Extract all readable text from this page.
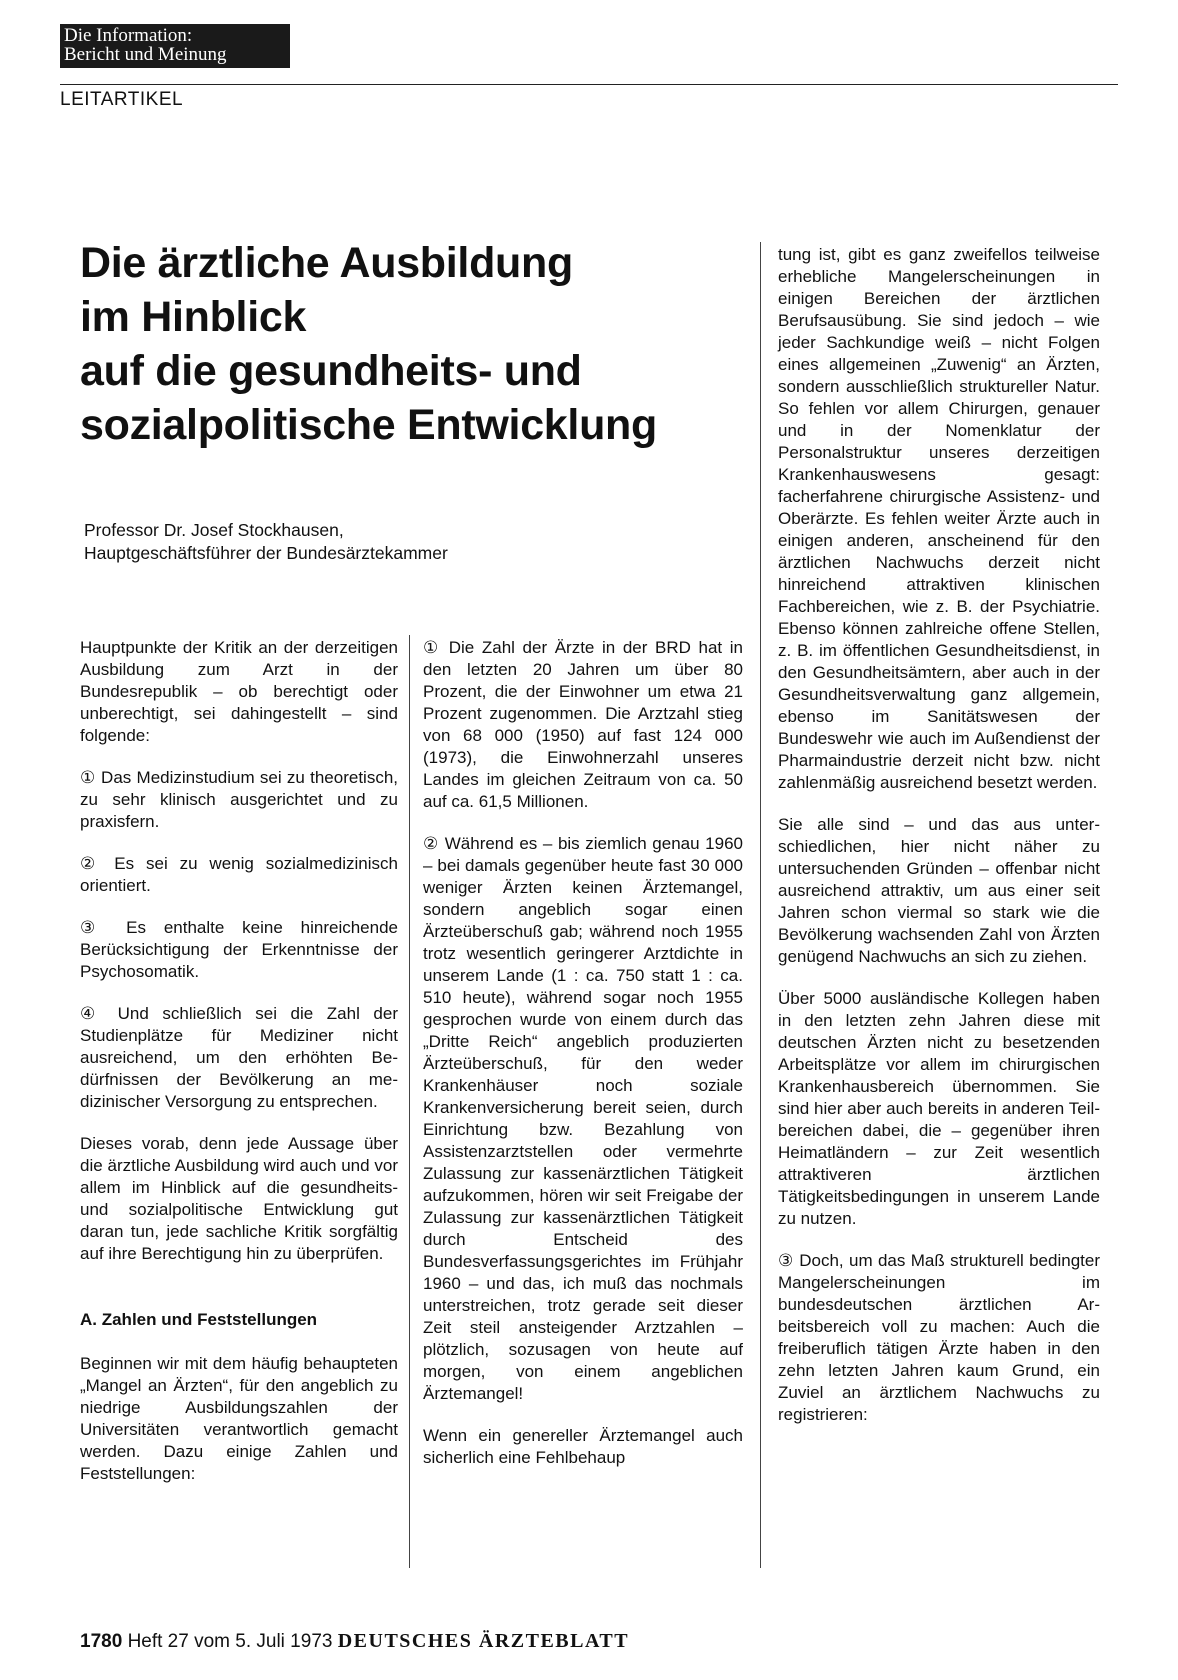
Die Information:
Bericht und Meinung
LEITARTIKEL
Die ärztliche Ausbildung
im Hinblick
auf die gesundheits- und
sozialpolitische Entwicklung
Professor Dr. Josef Stockhausen,
Hauptgeschäftsführer der Bundesärztekammer

Hauptpunkte der Kritik an der derzeitigen Ausbildung zum Arzt in der Bundesrepublik – ob berechtigt oder unberechtigt, sei dahingestellt – sind folgende:

① Das Medizinstudium sei zu theoretisch, zu sehr klinisch ausgerichtet und zu praxisfern.

② Es sei zu wenig sozialmedizinisch orientiert.

③ Es enthalte keine hinreichende Berücksichtigung der Erkenntnisse der Psychosomatik.

④ Und schließlich sei die Zahl der Studienplätze für Mediziner nicht ausreichend, um den erhöhten Bedürfnissen der Bevölkerung an medizinischer Versorgung zu entsprechen.

Dieses vorab, denn jede Aussage über die ärztliche Ausbildung wird auch und vor allem im Hinblick auf die gesundheits- und sozialpolitische Entwicklung gut daran tun, jede sachliche Kritik sorgfältig auf ihre Berechtigung hin zu überprüfen.

A. Zahlen und Feststellungen

Beginnen wir mit dem häufig behaupteten „Mangel an Ärzten“, für den angeblich zu niedrige Ausbildungszahlen der Universitäten verantwortlich gemacht werden. Dazu einige Zahlen und Feststellungen:

① Die Zahl der Ärzte in der BRD hat in den letzten 20 Jahren um über 80 Prozent, die der Einwohner um etwa 21 Prozent zugenommen. Die Arztzahl stieg von 68 000 (1950) auf fast 124 000 (1973), die Einwohnerzahl unseres Landes im gleichen Zeitraum von ca. 50 auf ca. 61,5 Millionen.

② Während es – bis ziemlich genau 1960 – bei damals gegenüber heute fast 30 000 weniger Ärzten keinen Ärztemangel, sondern angeblich sogar einen Ärzteüberschuß gab; während noch 1955 trotz wesentlich geringerer Arztdichte in unserem Lande (1 : ca. 750 statt 1 : ca. 510 heute), während sogar noch 1955 gesprochen wurde von einem durch das „Dritte Reich“ angeblich produzierten Ärzteüberschuß, für den weder Krankenhäuser noch soziale Krankenversicherung bereit seien, durch Einrichtung bzw. Bezahlung von Assistenzarztstellen oder vermehrte Zulassung zur kassenärztlichen Tätigkeit aufzukommen, hören wir seit Freigabe der Zulassung zur kassenärztlichen Tätigkeit durch Entscheid des Bundesverfassungsgerichtes im Frühjahr 1960 – und das, ich muß das nochmals unterstreichen, trotz gerade seit dieser Zeit steil ansteigender Arztzahlen – plötzlich, sozusagen von heute auf morgen, von einem angeblichen Ärztemangel!

Wenn ein genereller Ärztemangel auch sicherlich eine Fehlbehaup

tung ist, gibt es ganz zweifellos teilweise erhebliche Mangelerscheinungen in einigen Bereichen der ärztlichen Berufsausübung. Sie sind jedoch – wie jeder Sachkundige weiß – nicht Folgen eines allgemeinen „Zuwenig“ an Ärzten, sondern ausschließlich struktureller Natur. So fehlen vor allem Chirurgen, genauer und in der Nomenklatur der Personalstruktur unseres derzeitigen Krankenhauswesens gesagt: facherfahrene chirurgische Assistenz- und Oberärzte. Es fehlen weiter Ärzte auch in einigen anderen, anscheinend für den ärztlichen Nachwuchs derzeit nicht hinreichend attraktiven klinischen Fachbereichen, wie z. B. der Psychiatrie. Ebenso können zahlreiche offene Stellen, z. B. im öffentlichen Gesundheitsdienst, in den Gesundheitsämtern, aber auch in der Gesundheitsverwaltung ganz allgemein, ebenso im Sanitätswesen der Bundeswehr wie auch im Außendienst der Pharmaindustrie derzeit nicht bzw. nicht zahlenmäßig ausreichend besetzt werden.

Sie alle sind – und das aus unterschiedlichen, hier nicht näher zu untersuchenden Gründen – offenbar nicht ausreichend attraktiv, um aus einer seit Jahren schon viermal so stark wie die Bevölkerung wachsenden Zahl von Ärzten genügend Nachwuchs an sich zu ziehen.

Über 5000 ausländische Kollegen haben in den letzten zehn Jahren diese mit deutschen Ärzten nicht zu besetzenden Arbeitsplätze vor allem im chirurgischen Krankenhausbereich übernommen. Sie sind hier aber auch bereits in anderen Teilbereichen dabei, die – gegenüber ihren Heimatländern – zur Zeit wesentlich attraktiveren ärztlichen Tätigkeitsbedingungen in unserem Lande zu nutzen.

③ Doch, um das Maß strukturell bedingter Mangelerscheinungen im bundesdeutschen ärztlichen Arbeitsbereich voll zu machen: Auch die freiberuflich tätigen Ärzte haben in den zehn letzten Jahren kaum Grund, ein Zuviel an ärztlichem Nachwuchs zu registrieren:

1780 Heft 27 vom 5. Juli 1973 DEUTSCHES ÄRZTEBLATT
